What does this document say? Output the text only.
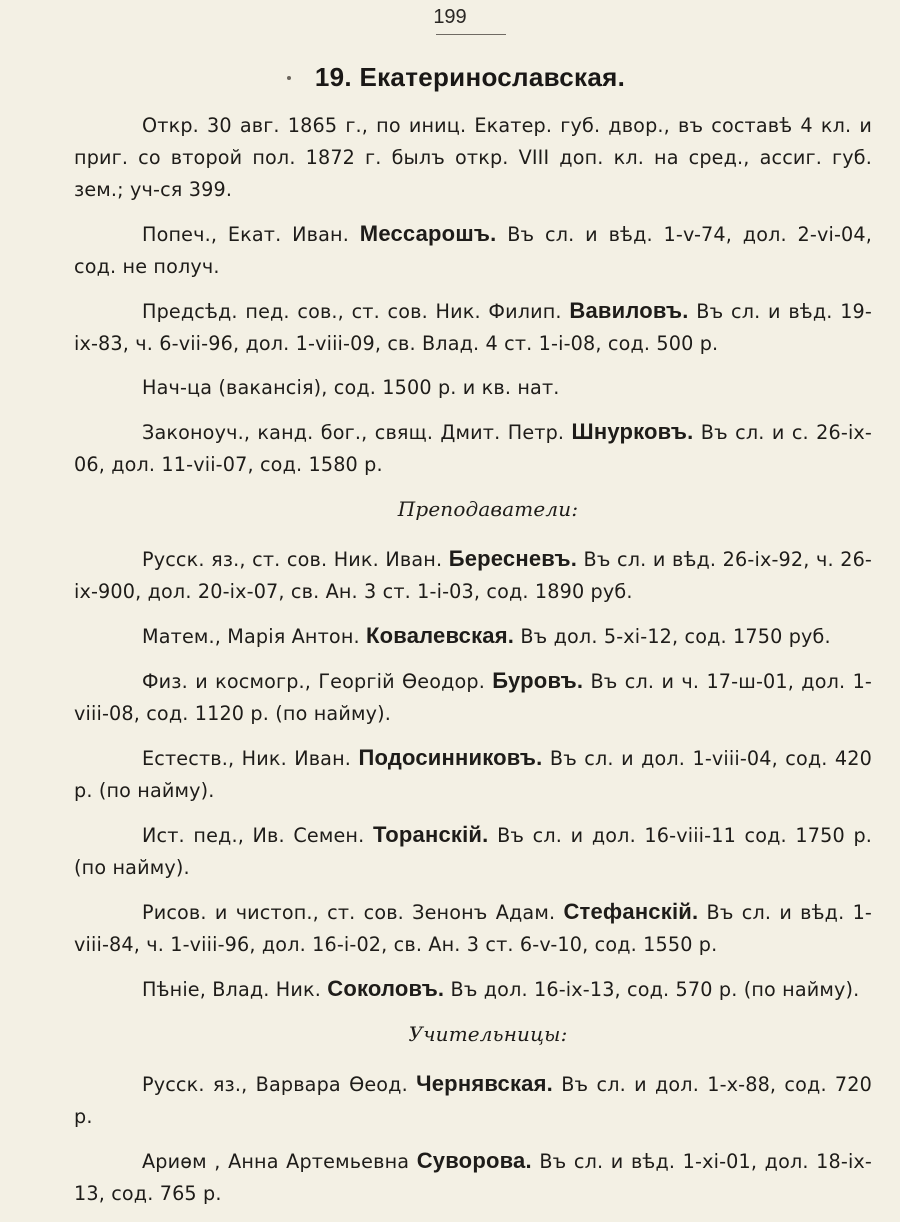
199
19. Екатеринославская.

Откр. 30 авг. 1865 г., по иниц. Екатер. губ. двор., въ составѣ 4 кл. и приг. со второй пол. 1872 г. былъ откр. VIII доп. кл. на сред., ассиг. губ. зем.; уч-ся 399.

Попеч., Екат. Иван. Мессарошъ. Въ сл. и вѣд. 1-v-74, дол. 2-vi-04, сод. не получ.

Предсѣд. пед. сов., ст. сов. Ник. Филип. Вавиловъ. Въ сл. и вѣд. 19-ix-83, ч. 6-vii-96, дол. 1-viii-09, св. Влад. 4 ст. 1-i-08, сод. 500 р.

Нач-ца (вакансія), сод. 1500 р. и кв. нат.

Законоуч., канд. бог., свящ. Дмит. Петр. Шнурковъ. Въ сл. и с. 26-ix-06, дол. 11-vii-07, сод. 1580 р.

Преподаватели:

Русск. яз., ст. сов. Ник. Иван. Бересневъ. Въ сл. и вѣд. 26-ix-92, ч. 26-ix-900, дол. 20-ix-07, св. Ан. 3 ст. 1-i-03, сод. 1890 руб.

Матем., Марія Антон. Ковалевская. Въ дол. 5-xi-12, сод. 1750 руб.

Физ. и космогр., Георгій Өеодор. Буровъ. Въ сл. и ч. 17-ш-01, дол. 1-viii-08, сод. 1120 р. (по найму).

Естеств., Ник. Иван. Подосинниковъ. Въ сл. и дол. 1-viii-04, сод. 420 р. (по найму).

Ист. пед., Ив. Семен. Торанскій. Въ сл. и дол. 16-viii-11 сод. 1750 р. (по найму).

Рисов. и чистоп., ст. сов. Зенонъ Адам. Стефанскій. Въ сл. и вѣд. 1-viii-84, ч. 1-viii-96, дол. 16-i-02, св. Ан. 3 ст. 6-v-10, сод. 1550 р.

Пѣніе, Влад. Ник. Соколовъ. Въ дол. 16-ix-13, сод. 570 р. (по найму).

Учительницы:

Русск. яз., Варвара Өеод. Чернявская. Въ сл. и дол. 1-x-88, сод. 720 р.

Ариѳм , Анна Артемьевна Суворова. Въ сл. и вѣд. 1-xi-01, дол. 18-ix-13, сод. 765 р.
